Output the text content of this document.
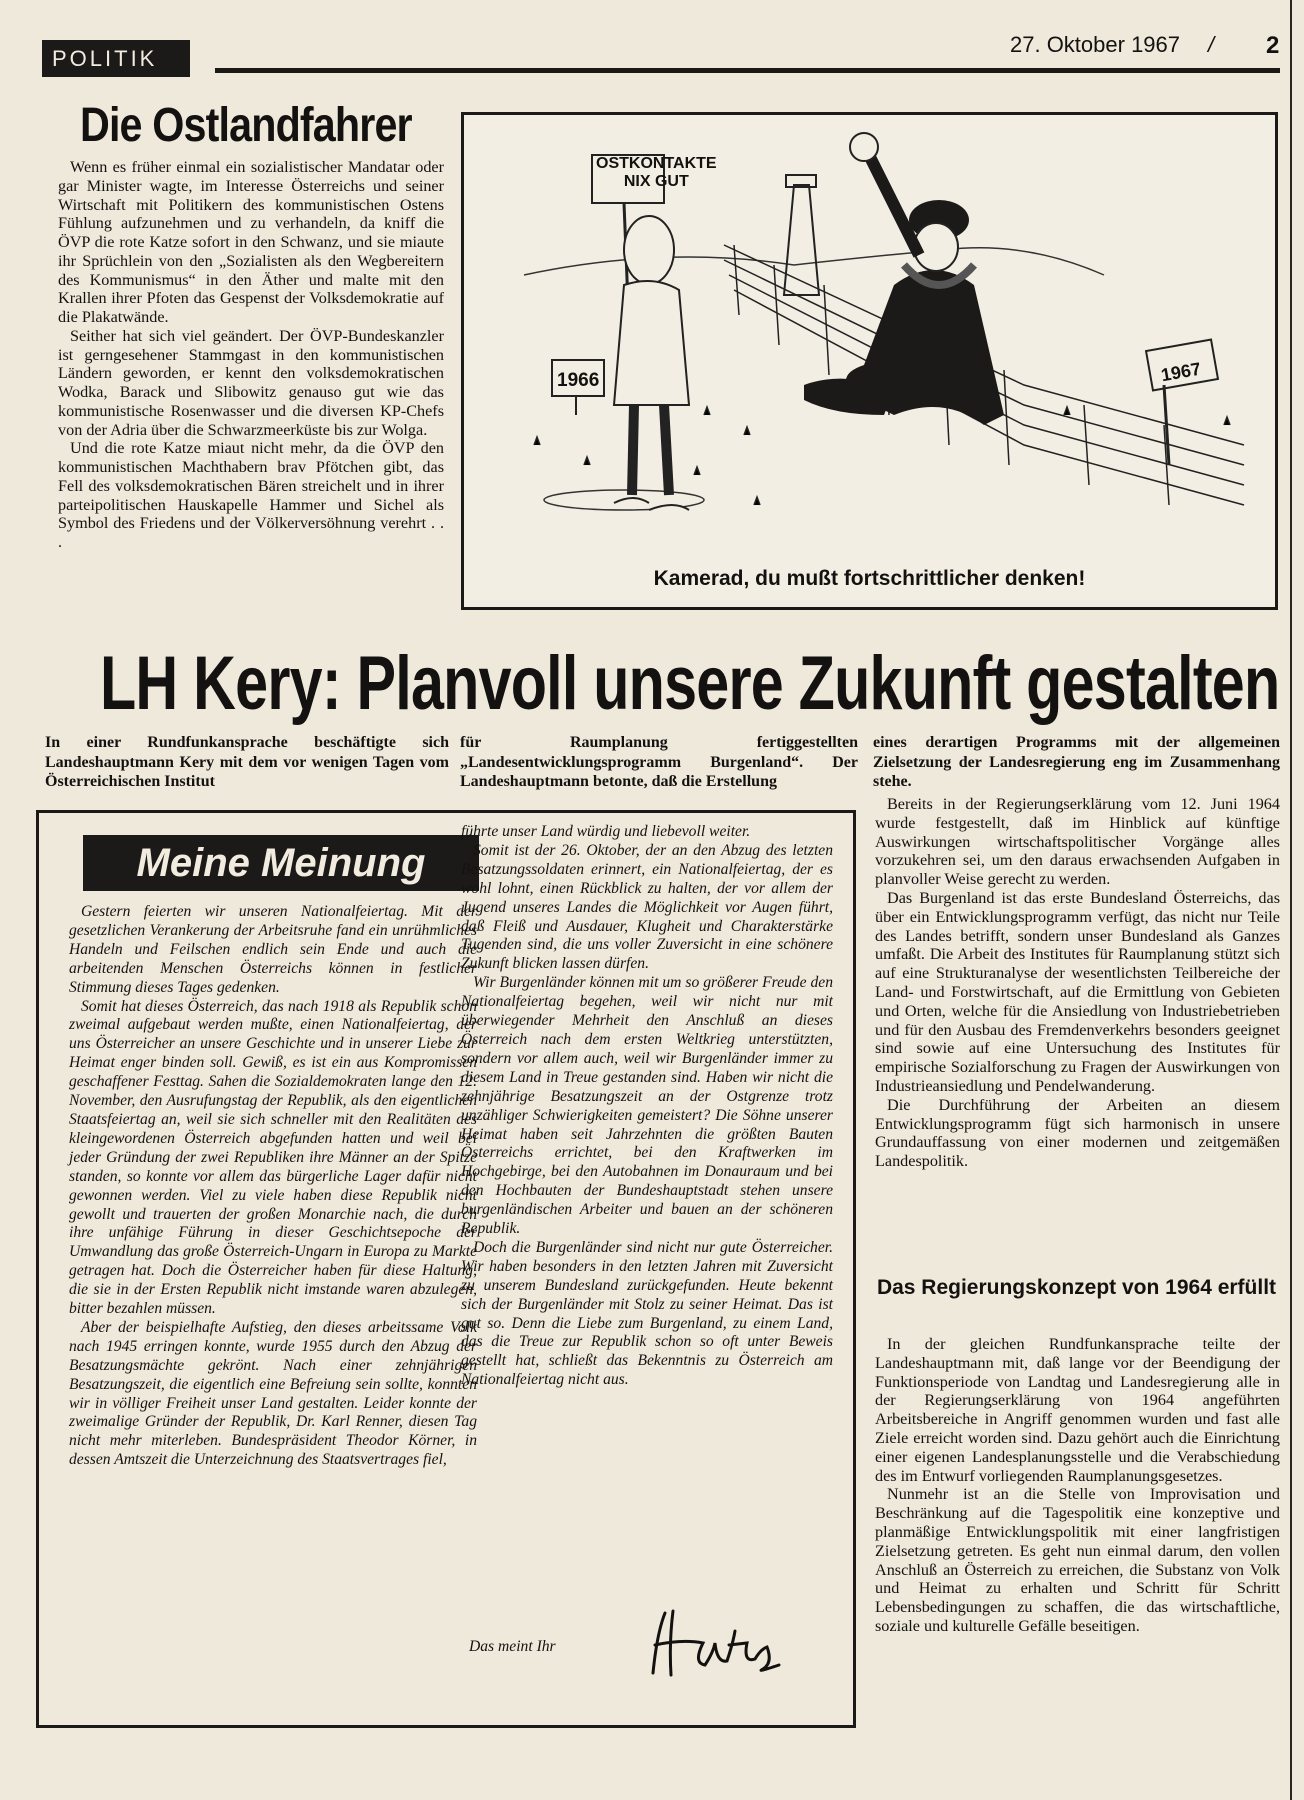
POLITIK
27. Oktober 1967 / 2
Die Ostlandfahrer

Wenn es früher einmal ein sozialistischer Mandatar oder gar Minister wagte, im Interesse Österreichs und seiner Wirtschaft mit Politikern des kommunistischen Ostens Fühlung aufzunehmen und zu verhandeln, da kniff die ÖVP die rote Katze sofort in den Schwanz, und sie miaute ihr Sprüchlein von den „Sozialisten als den Wegbereitern des Kommunismus“ in den Äther und malte mit den Krallen ihrer Pfoten das Gespenst der Volksdemokratie auf die Plakatwände.

Seither hat sich viel geändert. Der ÖVP-Bundeskanzler ist gerngesehener Stammgast in den kommunistischen Ländern geworden, er kennt den volksdemokratischen Wodka, Barack und Slibowitz genauso gut wie das kommunistische Rosenwasser und die diversen KP-Chefs von der Adria über die Schwarzmeerküste bis zur Wolga.

Und die rote Katze miaut nicht mehr, da die ÖVP den kommunistischen Machthabern brav Pfötchen gibt, das Fell des volksdemokratischen Bären streichelt und in ihrer parteipolitischen Hauskapelle Hammer und Sichel als Symbol des Friedens und der Völkerversöhnung verehrt . . .

OSTKONTAKTE
NIX GUT
1966	1967
Kamerad, du mußt fortschrittlicher denken!
LH Kery: Planvoll unsere Zukunft gestalten
In einer Rundfunkansprache beschäftigte sich Landeshauptmann Kery mit dem vor wenigen Tagen vom Österreichischen Institut
für Raumplanung fertiggestellten „Landesentwicklungsprogramm Burgenland“. Der Landeshauptmann betonte, daß die Erstellung
eines derartigen Programms mit der allgemeinen Zielsetzung der Landesregierung eng im Zusammenhang stehe.
Meine Meinung

Gestern feierten wir unseren Nationalfeiertag. Mit der gesetzlichen Verankerung der Arbeitsruhe fand ein unrühmliches Handeln und Feilschen endlich sein Ende und auch die arbeitenden Menschen Österreichs können in festlicher Stimmung dieses Tages gedenken.

Somit hat dieses Österreich, das nach 1918 als Republik schon zweimal aufgebaut werden mußte, einen Nationalfeiertag, der uns Österreicher an unsere Geschichte und in unserer Liebe zur Heimat enger binden soll. Gewiß, es ist ein aus Kompromissen geschaffener Festtag. Sahen die Sozialdemokraten lange den 12. November, den Ausrufungstag der Republik, als den eigentlichen Staatsfeiertag an, weil sie sich schneller mit den Realitäten des kleingewordenen Österreich abgefunden hatten und weil bei jeder Gründung der zwei Republiken ihre Männer an der Spitze standen, so konnte vor allem das bürgerliche Lager dafür nicht gewonnen werden. Viel zu viele haben diese Republik nicht gewollt und trauerten der großen Monarchie nach, die durch ihre unfähige Führung in dieser Geschichtsepoche der Umwandlung das große Österreich-Ungarn in Europa zu Markte getragen hat. Doch die Österreicher haben für diese Haltung, die sie in der Ersten Republik nicht imstande waren abzulegen, bitter bezahlen müssen.

Aber der beispielhafte Aufstieg, den dieses arbeitssame Volk nach 1945 erringen konnte, wurde 1955 durch den Abzug der Besatzungsmächte gekrönt. Nach einer zehnjährigen Besatzungszeit, die eigentlich eine Befreiung sein sollte, konnten wir in völliger Freiheit unser Land gestalten. Leider konnte der zweimalige Gründer der Republik, Dr. Karl Renner, diesen Tag nicht mehr miterleben. Bundespräsident Theodor Körner, in dessen Amtszeit die Unterzeichnung des Staatsvertrages fiel,

führte unser Land würdig und liebevoll weiter.

Somit ist der 26. Oktober, der an den Abzug des letzten Besatzungssoldaten erinnert, ein Nationalfeiertag, der es wohl lohnt, einen Rückblick zu halten, der vor allem der Jugend unseres Landes die Möglichkeit vor Augen führt, daß Fleiß und Ausdauer, Klugheit und Charakterstärke Tugenden sind, die uns voller Zuversicht in eine schönere Zukunft blicken lassen dürfen.

Wir Burgenländer können mit um so größerer Freude den Nationalfeiertag begehen, weil wir nicht nur mit überwiegender Mehrheit den Anschluß an dieses Österreich nach dem ersten Weltkrieg unterstützten, sondern vor allem auch, weil wir Burgenländer immer zu diesem Land in Treue gestanden sind. Haben wir nicht die zehnjährige Besatzungszeit an der Ostgrenze trotz unzähliger Schwierigkeiten gemeistert? Die Söhne unserer Heimat haben seit Jahrzehnten die größten Bauten Österreichs errichtet, bei den Kraftwerken im Hochgebirge, bei den Autobahnen im Donauraum und bei den Hochbauten der Bundeshauptstadt stehen unsere burgenländischen Arbeiter und bauen an der schöneren Republik.

Doch die Burgenländer sind nicht nur gute Österreicher. Wir haben besonders in den letzten Jahren mit Zuversicht zu unserem Bundesland zurückgefunden. Heute bekennt sich der Burgenländer mit Stolz zu seiner Heimat. Das ist gut so. Denn die Liebe zum Burgenland, zu einem Land, das die Treue zur Republik schon so oft unter Beweis gestellt hat, schließt das Bekenntnis zu Österreich am Nationalfeiertag nicht aus.

Das meint Ihr

Bereits in der Regierungserklärung vom 12. Juni 1964 wurde festgestellt, daß im Hinblick auf künftige Auswirkungen wirtschaftspolitischer Vorgänge alles vorzukehren sei, um den daraus erwachsenden Aufgaben in planvoller Weise gerecht zu werden.

Das Burgenland ist das erste Bundesland Österreichs, das über ein Entwicklungsprogramm verfügt, das nicht nur Teile des Landes betrifft, sondern unser Bundesland als Ganzes umfaßt. Die Arbeit des Institutes für Raumplanung stützt sich auf eine Strukturanalyse der wesentlichsten Teilbereiche der Land- und Forstwirtschaft, auf die Ermittlung von Gebieten und Orten, welche für die Ansiedlung von Industriebetrieben und für den Ausbau des Fremdenverkehrs besonders geeignet sind sowie auf eine Untersuchung des Institutes für empirische Sozialforschung zu Fragen der Auswirkungen von Industrieansiedlung und Pendelwanderung.

Die Durchführung der Arbeiten an diesem Entwicklungsprogramm fügt sich harmonisch in unsere Grundauffassung von einer modernen und zeitgemäßen Landespolitik.

Das Regierungskonzept von 1964 erfüllt

In der gleichen Rundfunkansprache teilte der Landeshauptmann mit, daß lange vor der Beendigung der Funktionsperiode von Landtag und Landesregierung alle in der Regierungserklärung von 1964 angeführten Arbeitsbereiche in Angriff genommen wurden und fast alle Ziele erreicht worden sind. Dazu gehört auch die Einrichtung einer eigenen Landesplanungsstelle und die Verabschiedung des im Entwurf vorliegenden Raumplanungsgesetzes.

Nunmehr ist an die Stelle von Improvisation und Beschränkung auf die Tagespolitik eine konzeptive und planmäßige Entwicklungspolitik mit einer langfristigen Zielsetzung getreten. Es geht nun einmal darum, den vollen Anschluß an Österreich zu erreichen, die Substanz von Volk und Heimat zu erhalten und Schritt für Schritt Lebensbedingungen zu schaffen, die das wirtschaftliche, soziale und kulturelle Gefälle beseitigen.
